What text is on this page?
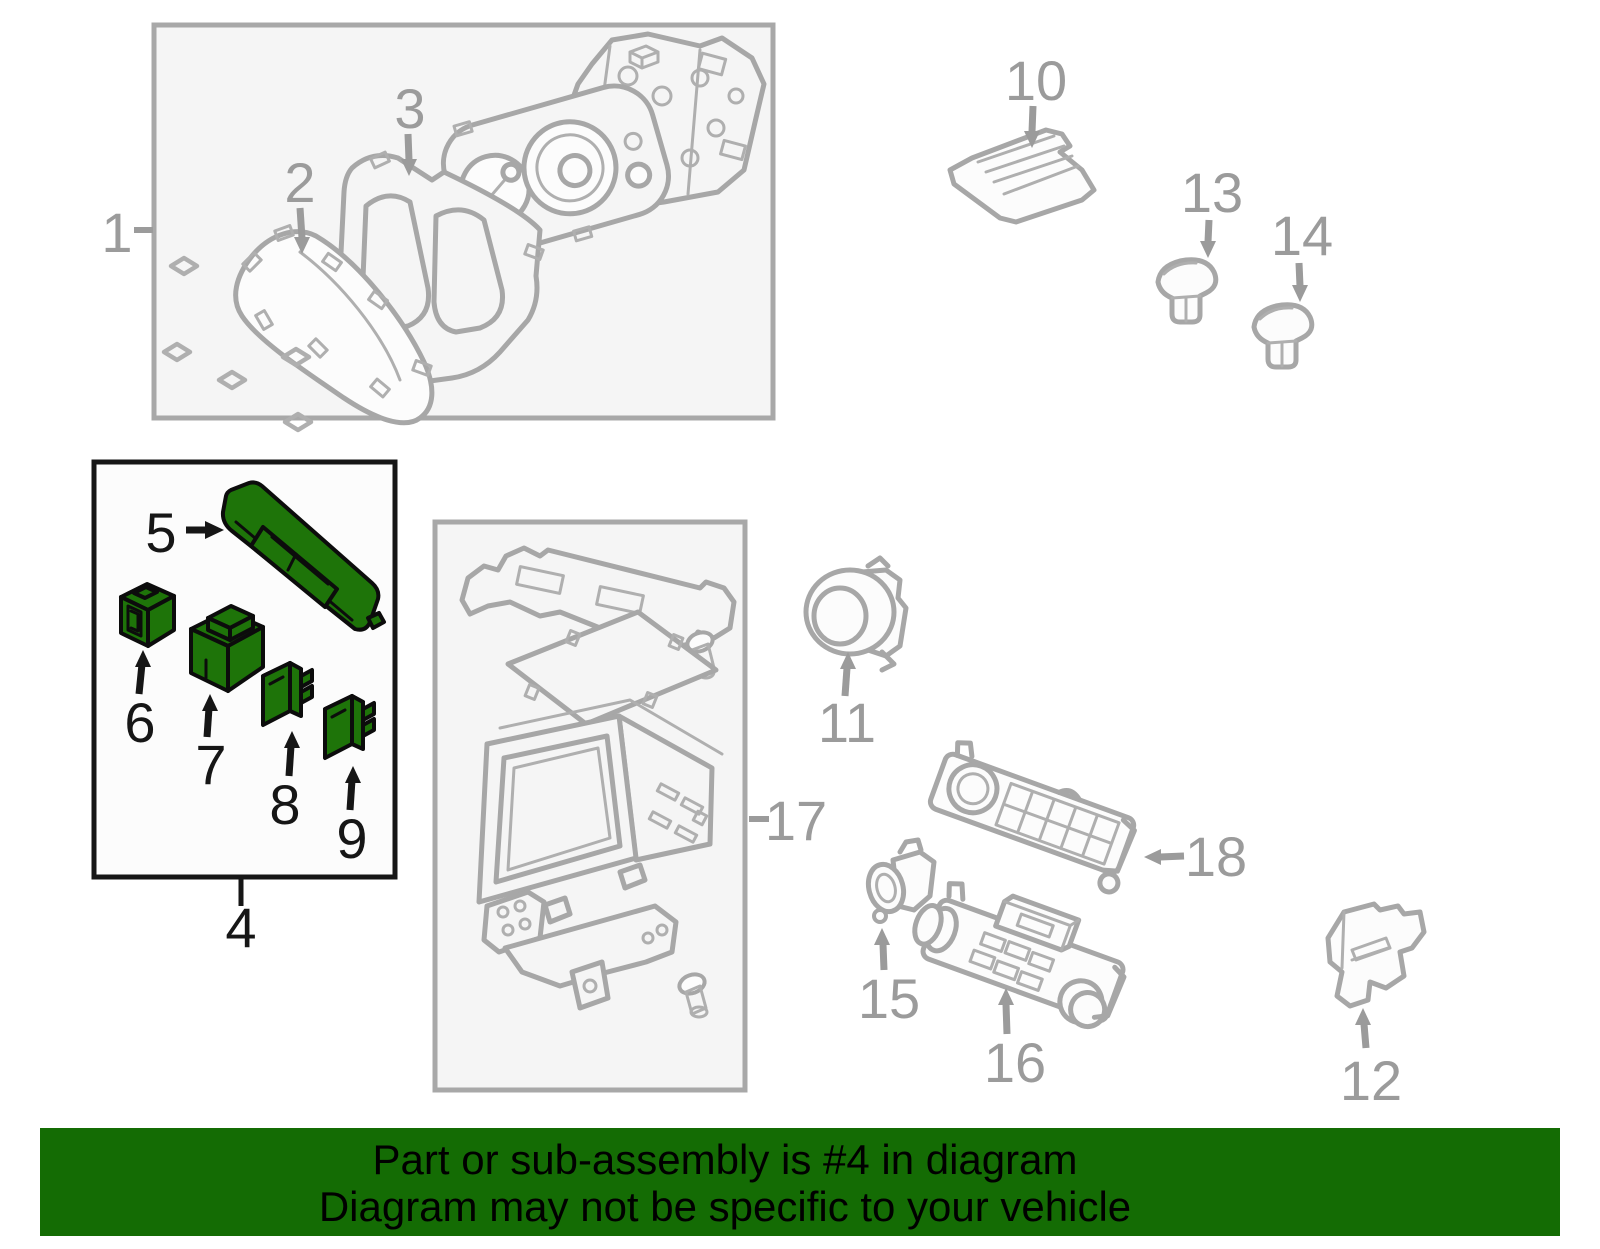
1
2
3
4
5
6
7
8
9	17
10
11
13
14
18
15
16	12
Part or sub-assembly is #4 in diagram
Diagram may not be specific to your vehicle
